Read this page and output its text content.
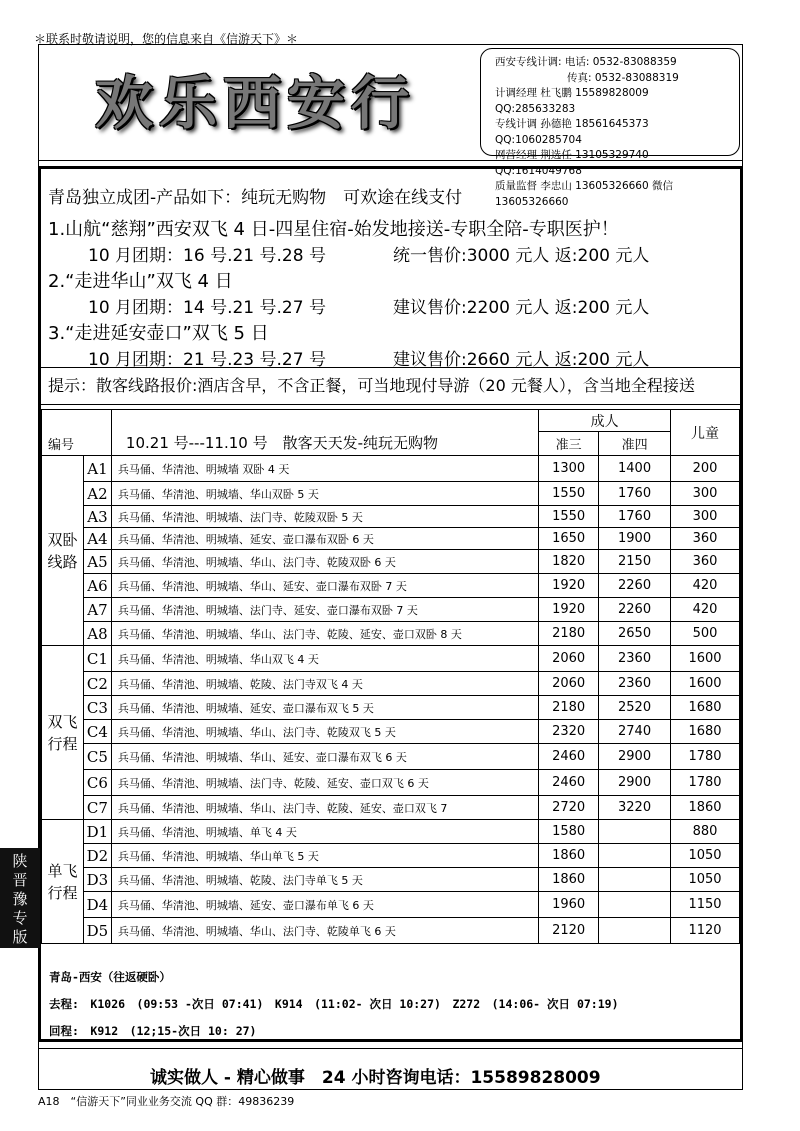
＊联系时敬请说明，您的信息来自《信游天下》＊
欢乐西安行
西安专线计调: 电话: 0532-83088359
传真: 0532-83088319
计调经理 杜飞鹏 15589828009 QQ:285633283
专线计调 孙德艳 18561645373 QQ:1060285704
网营经理 荆选任 13105329740 QQ:1614049768
质量监督 李忠山 13605326660 微信 13605326660
青岛独立成团-产品如下：纯玩无购物　可欢途在线支付
1.山航“慈翔”西安双飞 4 日-四星住宿-始发地接送-专职全陪-专职医护！
10 月团期：16 号.21 号.28 号	统一售价:3000 元人 返:200 元人
2.“走进华山”双飞 4 日
10 月团期：14 号.21 号.27 号	建议售价:2200 元人 返:200 元人
3.“走进延安壶口”双飞 5 日
10 月团期：21 号.23 号.27 号	建议售价:2660 元人 返:200 元人
提示：散客线路报价:酒店含早，不含正餐，可当地现付导游（20 元餐人），含当地全程接送
编号		10.21 号---11.10 号　散客天天发-纯玩无购物	成人		儿童
			准三	准四	

双卧
线路	A1	兵马俑、华清池、明城墙 双卧 4 天	1300	1400	200
	A2	兵马俑、华清池、明城墙、华山双卧 5 天	1550	1760	300
	A3	兵马俑、华清池、明城墙、法门寺、乾陵双卧 5 天	1550	1760	300
	A4	兵马俑、华清池、明城墙、延安、壶口瀑布双卧 6 天	1650	1900	360
	A5	兵马俑、华清池、明城墙、华山、法门寺、乾陵双卧 6 天	1820	2150	360
	A6	兵马俑、华清池、明城墙、华山、延安、壶口瀑布双卧 7 天	1920	2260	420
	A7	兵马俑、华清池、明城墙、法门寺、延安、壶口瀑布双卧 7 天	1920	2260	420
	A8	兵马俑、华清池、明城墙、华山、法门寺、乾陵、延安、壶口双卧 8 天	2180	2650	500

双飞
行程	C1	兵马俑、华清池、明城墙、华山双飞 4 天	2060	2360	1600
	C2	兵马俑、华清池、明城墙、乾陵、法门寺双飞 4 天	2060	2360	1600
	C3	兵马俑、华清池、明城墙、延安、壶口瀑布双飞 5 天	2180	2520	1680
	C4	兵马俑、华清池、明城墙、华山、法门寺、乾陵双飞 5 天	2320	2740	1680
	C5	兵马俑、华清池、明城墙、华山、延安、壶口瀑布双飞 6 天	2460	2900	1780
	C6	兵马俑、华清池、明城墙、法门寺、乾陵、延安、壶口双飞 6 天	2460	2900	1780
	C7	兵马俑、华清池、明城墙、华山、法门寺、乾陵、延安、壶口双飞 7	2720	3220	1860

单飞
行程	D1	兵马俑、华清池、明城墙、单飞 4 天	1580		880
	D2	兵马俑、华清池、明城墙、华山单飞 5 天	1860		1050
	D3	兵马俑、华清池、明城墙、乾陵、法门寺单飞 5 天	1860		1050
	D4	兵马俑、华清池、明城墙、延安、壶口瀑布单飞 6 天	1960		1150
	D5	兵马俑、华清池、明城墙、华山、法门寺、乾陵单飞 6 天	2120		1120
青岛-西安（往返硬卧）
去程:　K1026　(09:53 -次日 07:41)　K914　(11:02- 次日 10:27)　Z272　(14:06- 次日 07:19)
回程:　K912　(12;15-次日 10: 27)
诚实做人 - 精心做事　24 小时咨询电话：15589828009
A18　“信游天下”同业业务交流 QQ 群：49836239
陕
晋
豫
专
版
